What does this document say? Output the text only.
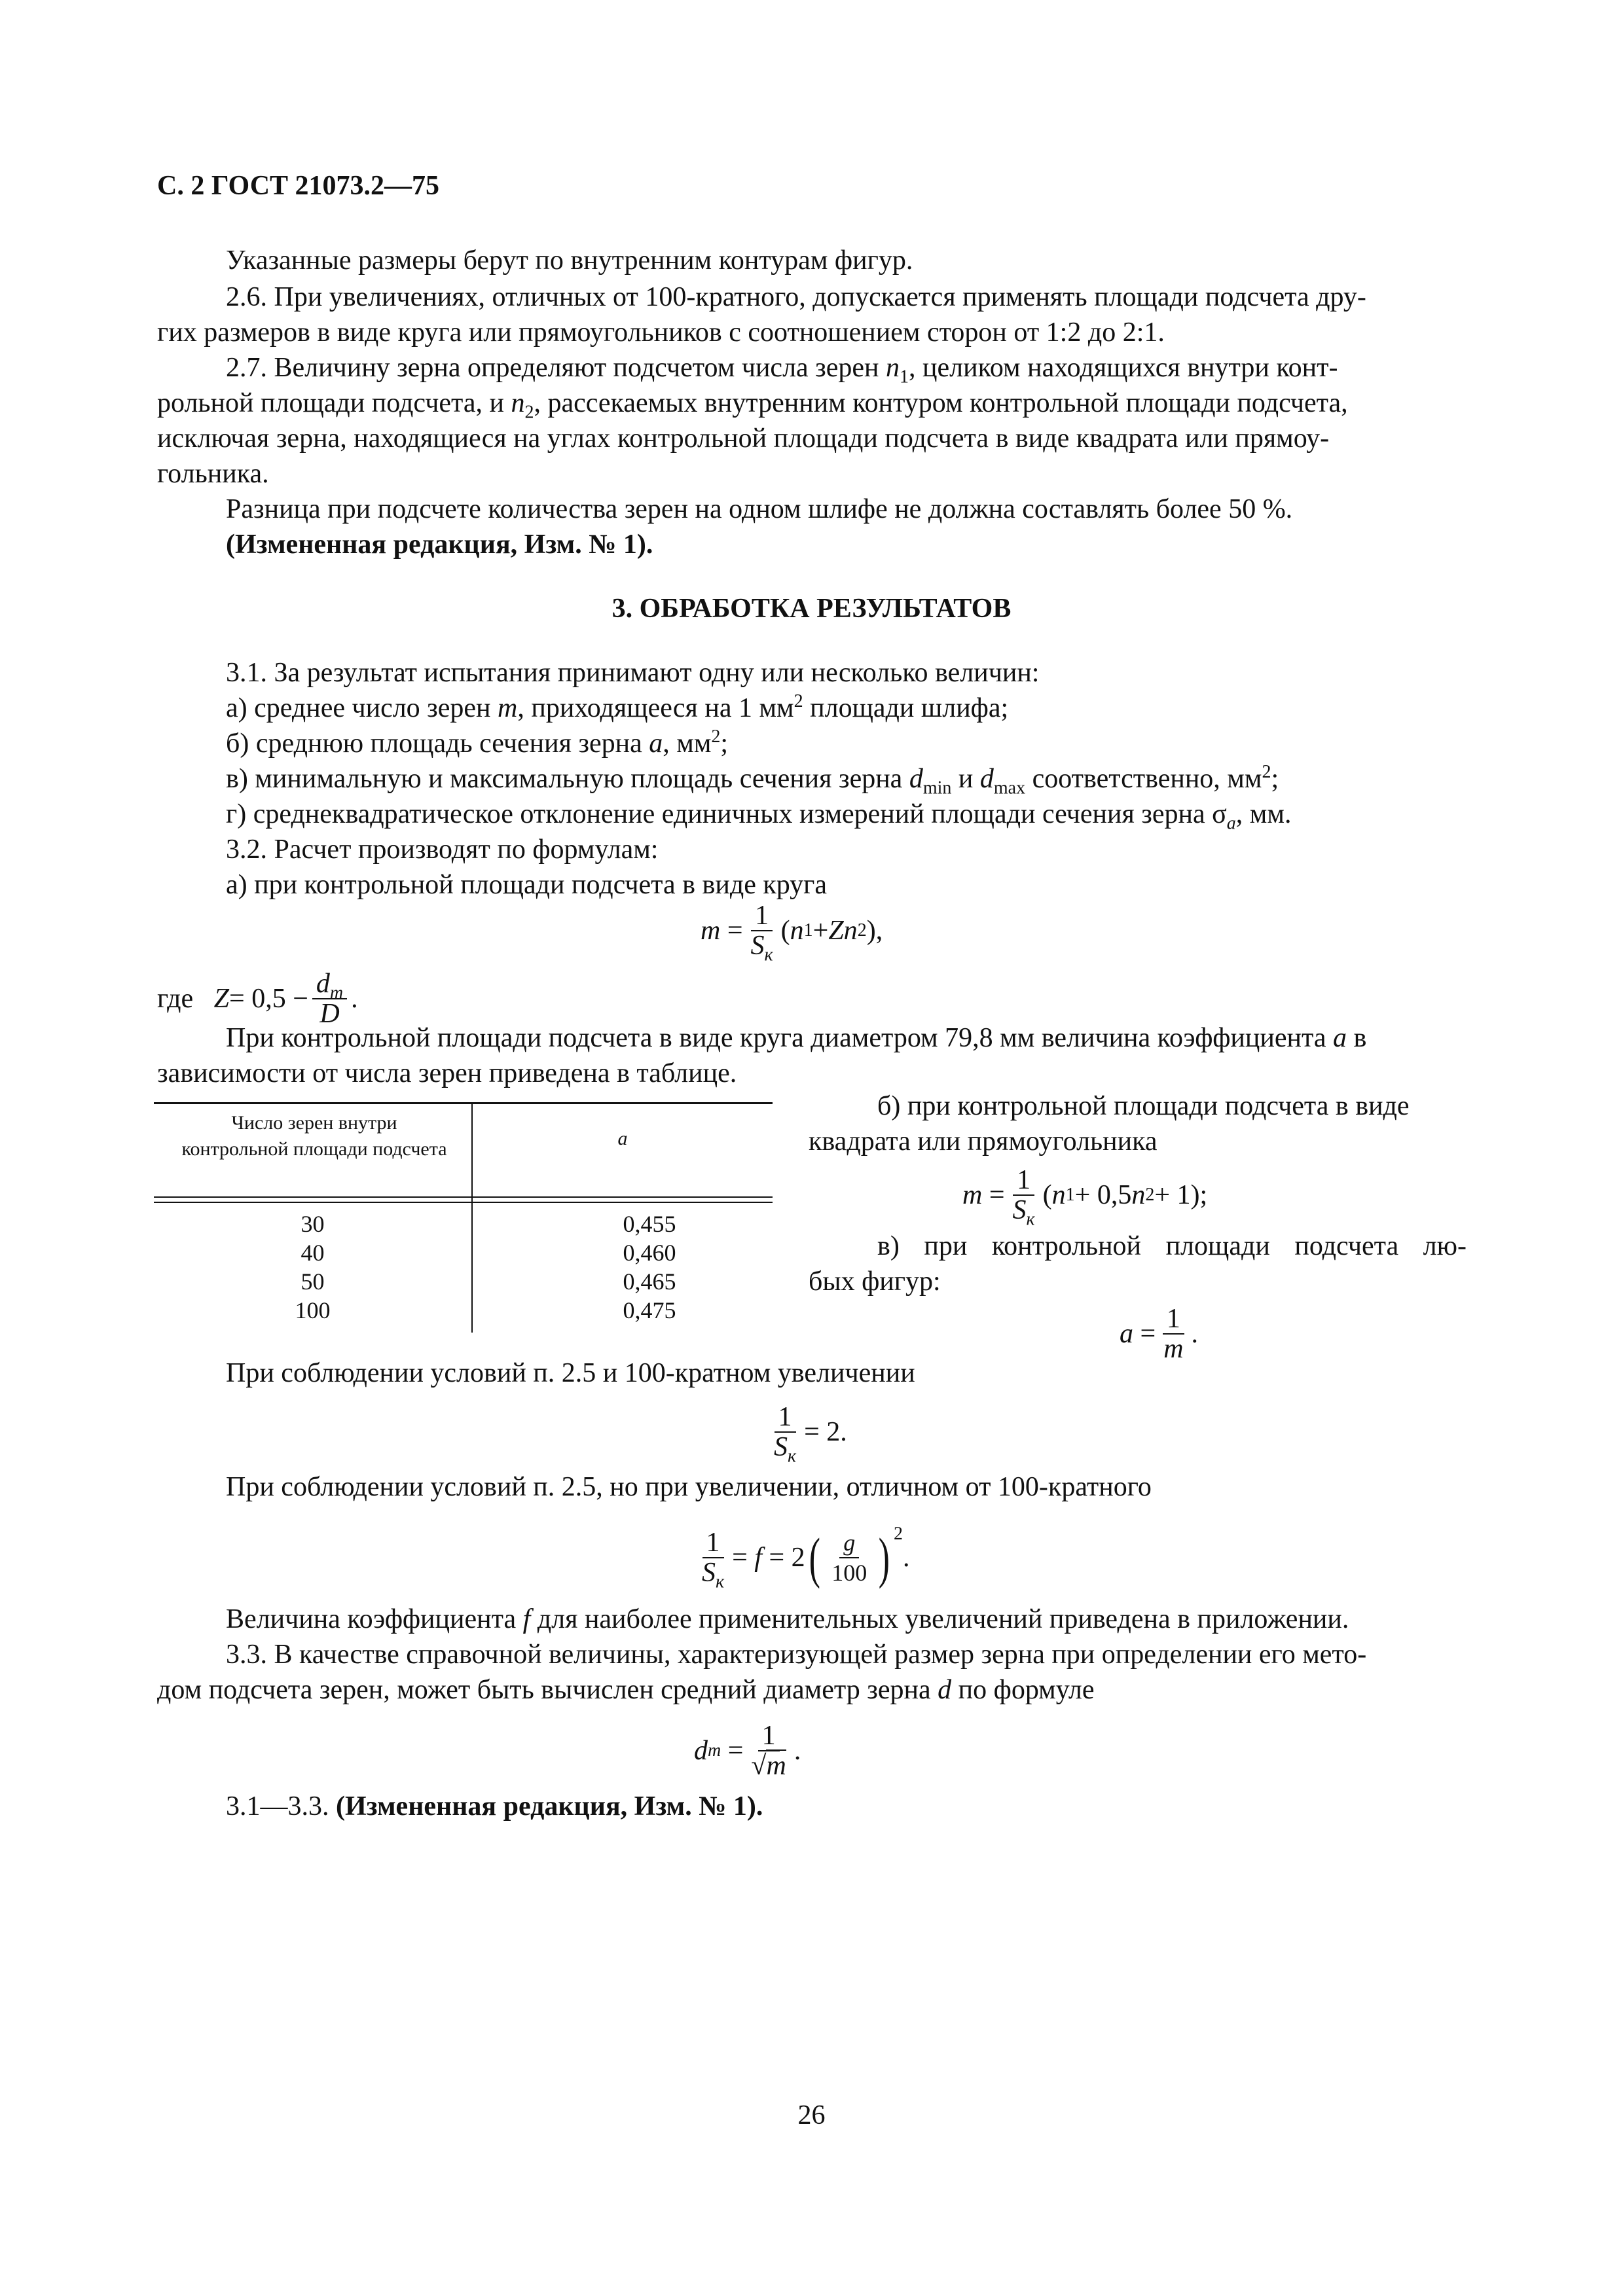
С. 2 ГОСТ 21073.2—75
Указанные размеры берут по внутренним контурам фигур.
2.6. При увеличениях, отличных от 100-кратного, допускается применять площади подсчета дру-
гих размеров в виде круга или прямоугольников с соотношением сторон от 1:2 до 2:1.
2.7. Величину зерна определяют подсчетом числа зерен $n_1$, целиком находящихся внутри конт-
рольной площади подсчета, и $n_2$, рассекаемых внутренним контуром контрольной площади подсчета,
исключая зерна, находящиеся на углах контрольной площади подсчета в виде квадрата или прямоу-
гольника.
Разница при подсчете количества зерен на одном шлифе не должна составлять более 50 %.
(Измененная редакция, Изм. № 1).
3. ОБРАБОТКА РЕЗУЛЬТАТОВ
3.1. За результат испытания принимают одну или несколько величин:
а) среднее число зерен m, приходящееся на 1 $мм^2$ площади шлифа;
б) среднюю площадь сечения зерна a, $мм^2$;
в) минимальную и максимальную площадь сечения зерна $d_{min}$ и $d_{max}$ соответственно, $мм^2$;
г) среднеквадратическое отклонение единичных измерений площади сечения зерна $\sigma_a$, мм.
3.2. Расчет производят по формулам:
а) при контрольной площади подсчета в виде круга
m
= $\frac{1}{S_к}$ ( n 1 + Zn 2 ) ,
где
$Z = 0,5 - \frac{d_m}{D}$ .
При контрольной площади подсчета в виде круга диаметром 79,8 мм величина коэффициента a в
зависимости от числа зерен приведена в таблице.
Число зерен внутри контрольной площади подсчета	a
30	0,455
40	0,460
50	0,465
100	0,475
б) при контрольной площади подсчета в виде
квадрата или прямоугольника
m
= $\frac{1}{S_к}$ ( n 1 + 0,5 n 2 + 1) ;
в) при контрольной площади подсчета лю-
бых фигур:
a
= $\frac{1}{m}$ .
При соблюдении условий п. 2.5 и 100-кратном увеличении
$\frac{1}{S_к} = 2$ .
При соблюдении условий п. 2.5, но при увеличении, отличном от 100-кратного
$\frac{1}{S_к}$ =
f
= 2 ( $\frac{g}{100} )^2$
.
Величина коэффициента f для наиболее применительных увеличений приведена в приложении.
3.3. В качестве справочной величины, характеризующей размер зерна при определении его мето-
дом подсчета зерен, может быть вычислен средний диаметр зерна d по формуле
d m
= $\frac{1}{√m}$ .
3.1—3.3. (Измененная редакция, Изм. № 1).
26
